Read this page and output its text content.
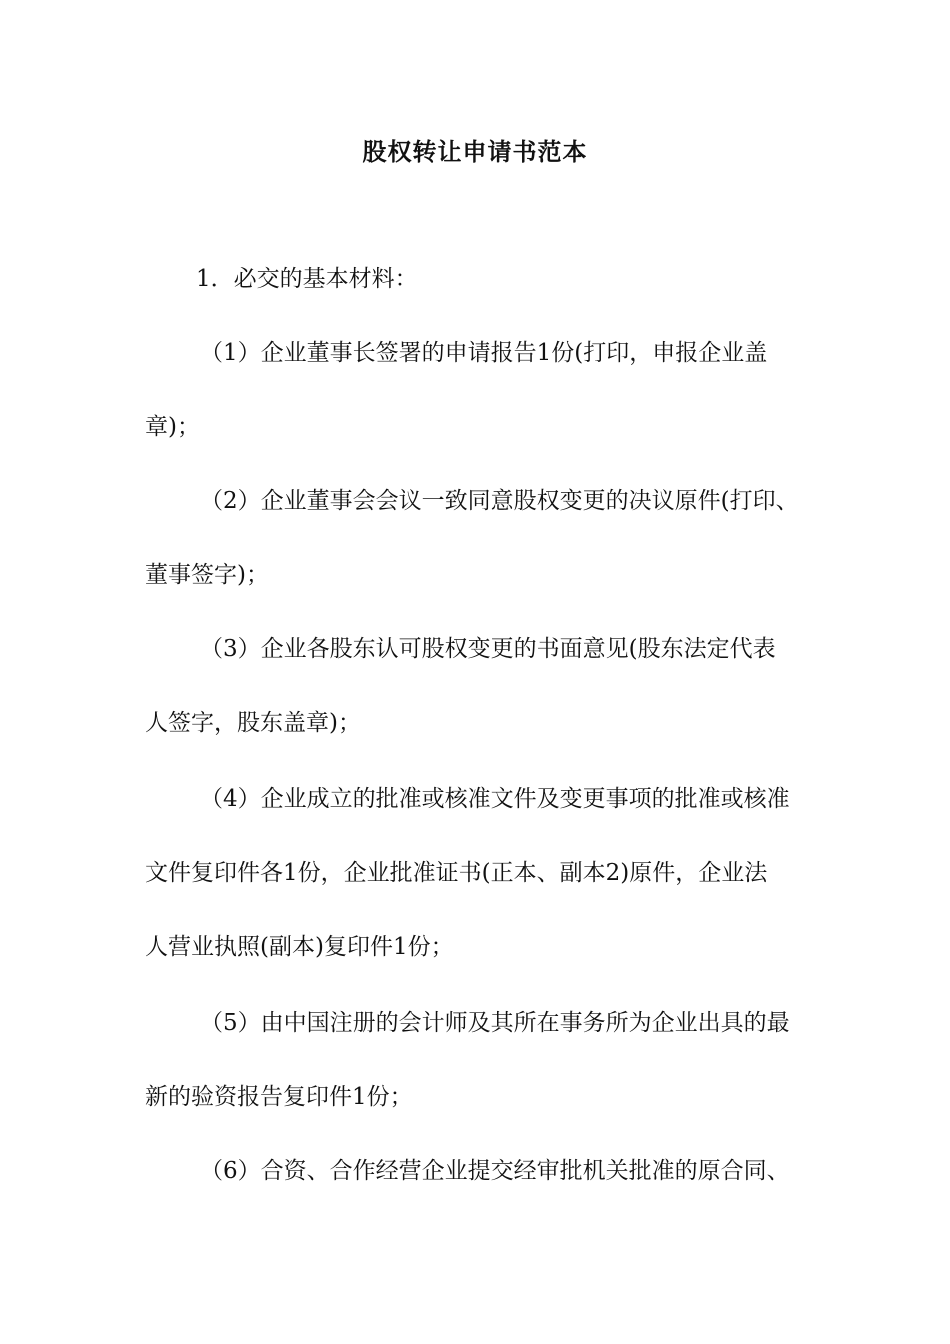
股权转让申请书范本
1．必交的基本材料：
（1）企业董事长签署的申请报告1份(打印，申报企业盖
章)；
（2）企业董事会会议一致同意股权变更的决议原件(打印、
董事签字)；
（3）企业各股东认可股权变更的书面意见(股东法定代表
人签字，股东盖章)；
（4）企业成立的批准或核准文件及变更事项的批准或核准
文件复印件各1份，企业批准证书(正本、副本2)原件，企业法
人营业执照(副本)复印件1份；
（5）由中国注册的会计师及其所在事务所为企业出具的最
新的验资报告复印件1份；
（6）合资、合作经营企业提交经审批机关批准的原合同、
